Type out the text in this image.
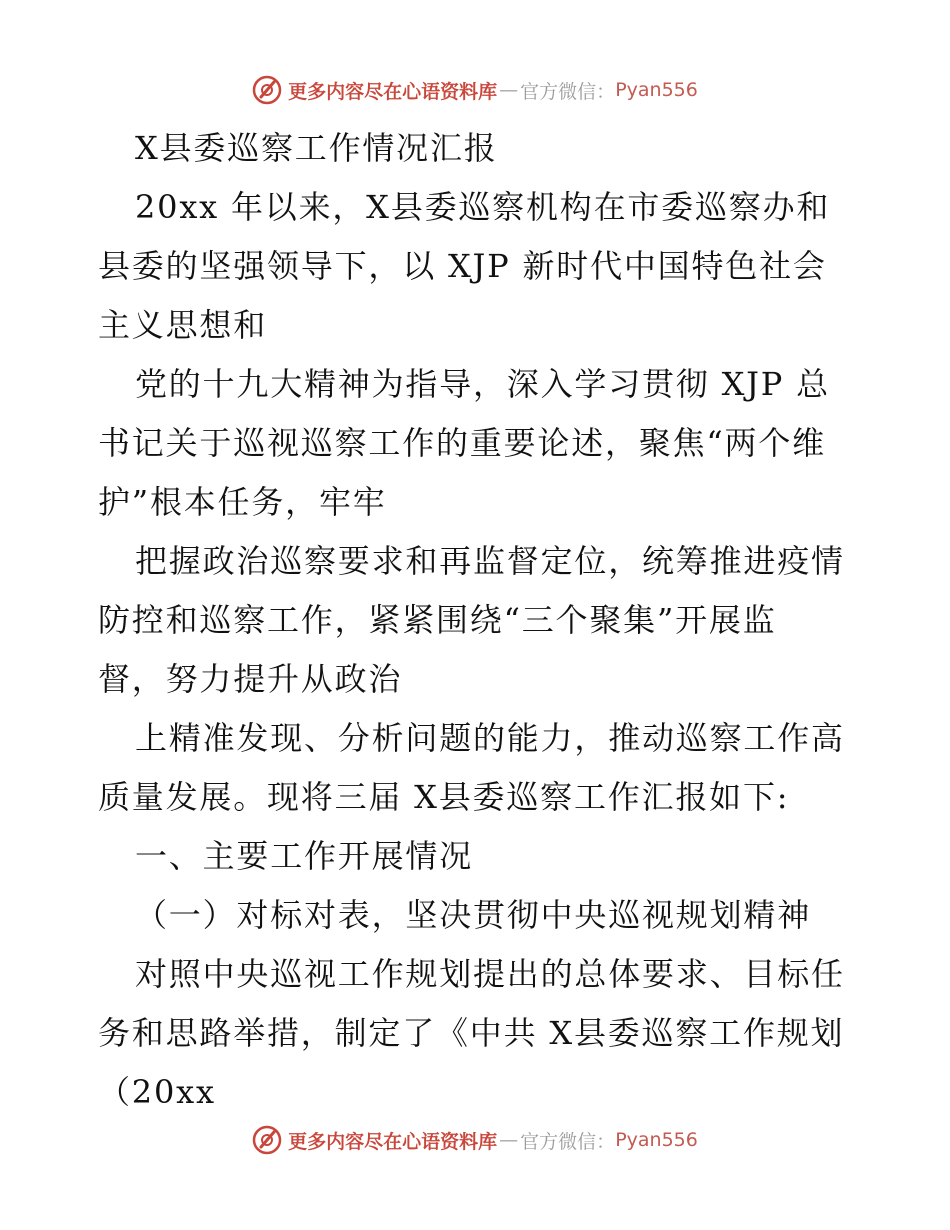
更多内容尽在心语资料库 — 官方微信： Pyan556
X县委巡察工作情况汇报
20xx 年以来，X县委巡察机构在市委巡察办和
县委的坚强领导下，以 XJP 新时代中国特色社会
主义思想和
党的十九大精神为指导，深入学习贯彻 XJP 总
书记关于巡视巡察工作的重要论述，聚焦“两个维
护”根本任务，牢牢
把握政治巡察要求和再监督定位，统筹推进疫情
防控和巡察工作，紧紧围绕“三个聚集”开展监
督，努力提升从政治
上精准发现、分析问题的能力，推动巡察工作高
质量发展。现将三届 X县委巡察工作汇报如下:
一、主要工作开展情况
（一）对标对表，坚决贯彻中央巡视规划精神
对照中央巡视工作规划提出的总体要求、目标任
务和思路举措，制定了《中共 X县委巡察工作规划
（20xx
更多内容尽在心语资料库 — 官方微信： Pyan556
